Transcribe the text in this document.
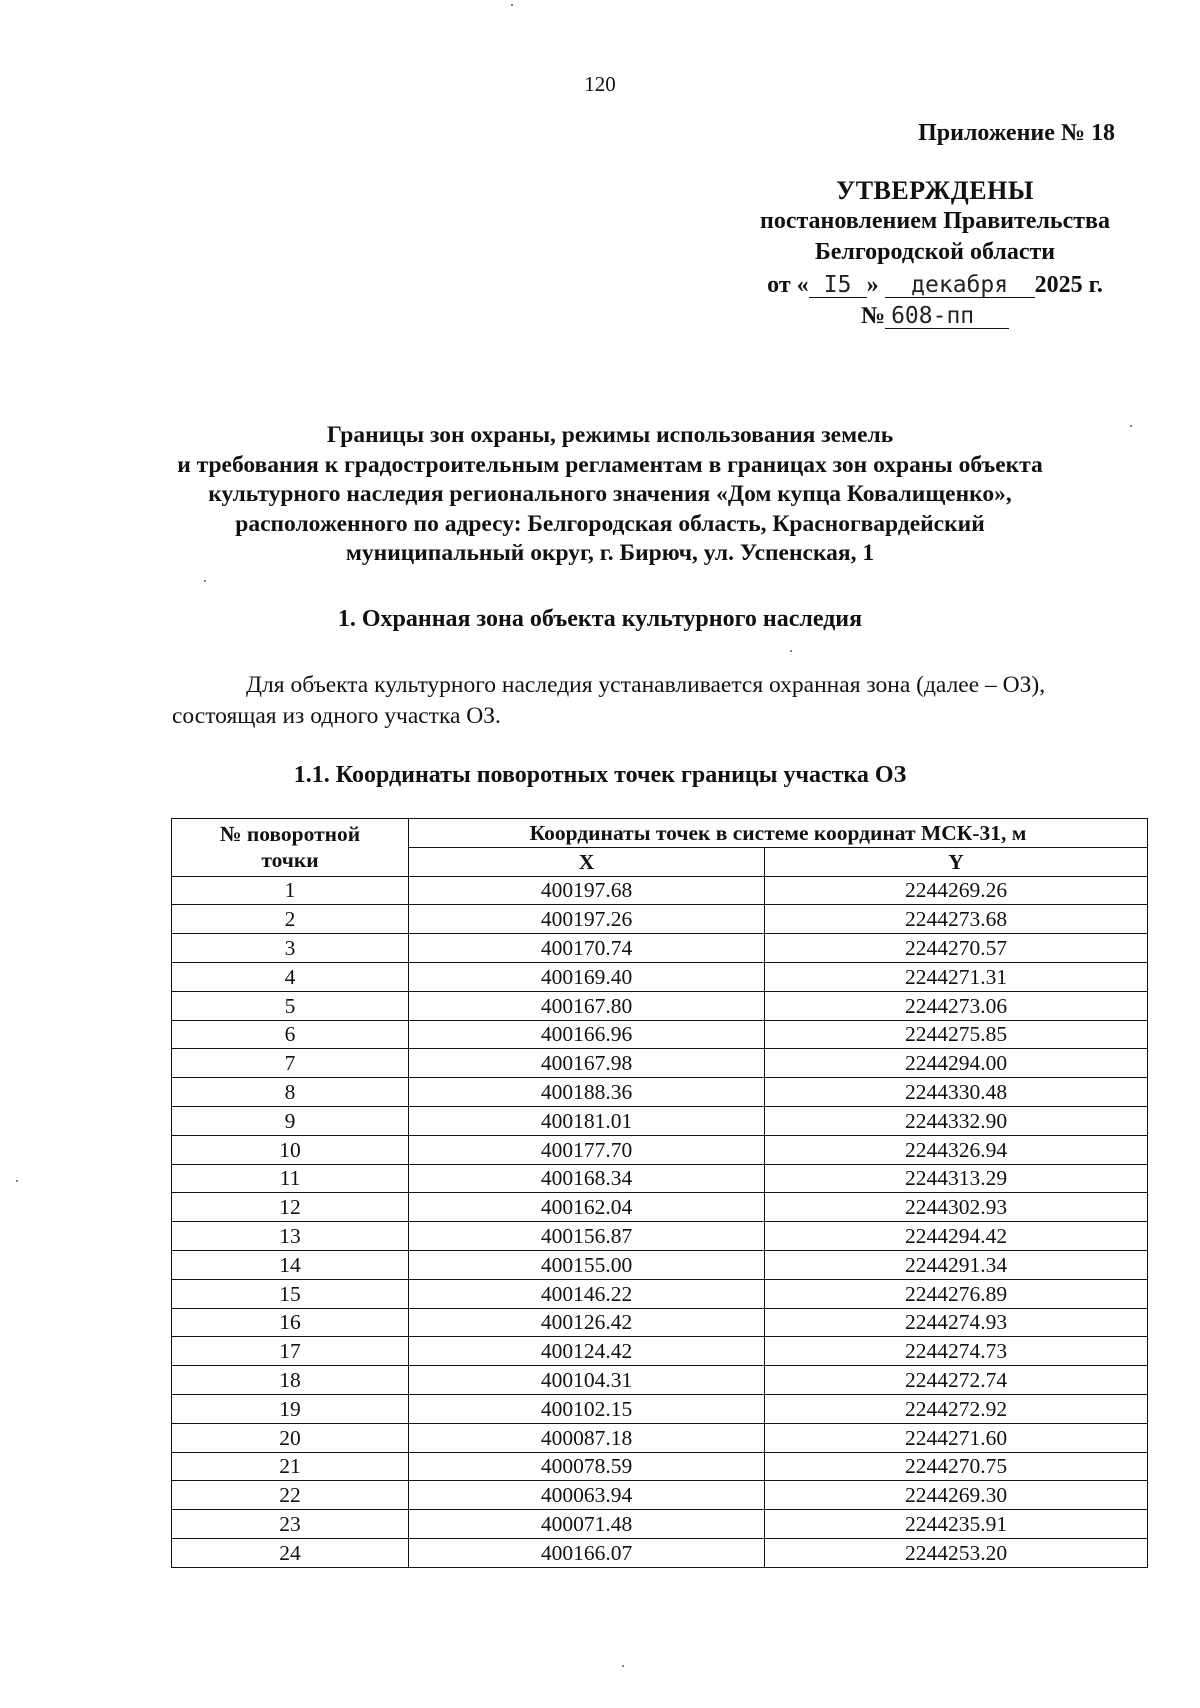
120
Приложение № 18
УТВЕРЖДЕНЫ
постановлением Правительства
Белгородской области
от « I5 » декабря 2025 г.
№ 608-пп
Границы зон охраны, режимы использования земель
и требования к градостроительным регламентам в границах зон охраны объекта
культурного наследия регионального значения «Дом купца Ковалищенко»,
расположенного по адресу: Белгородская область, Красногвардейский
муниципальный округ, г. Бирюч, ул. Успенская, 1
1. Охранная зона объекта культурного наследия
Для объекта культурного наследия устанавливается охранная зона (далее – ОЗ),
состоящая из одного участка ОЗ.
1.1. Координаты поворотных точек границы участка ОЗ
№ поворотной
точки	Координаты точек в системе координат МСК-31, м	
	X	Y
1	400197.68	2244269.26
2	400197.26	2244273.68
3	400170.74	2244270.57
4	400169.40	2244271.31
5	400167.80	2244273.06
6	400166.96	2244275.85
7	400167.98	2244294.00
8	400188.36	2244330.48
9	400181.01	2244332.90
10	400177.70	2244326.94
11	400168.34	2244313.29
12	400162.04	2244302.93
13	400156.87	2244294.42
14	400155.00	2244291.34
15	400146.22	2244276.89
16	400126.42	2244274.93
17	400124.42	2244274.73
18	400104.31	2244272.74
19	400102.15	2244272.92
20	400087.18	2244271.60
21	400078.59	2244270.75
22	400063.94	2244269.30
23	400071.48	2244235.91
24	400166.07	2244253.20
